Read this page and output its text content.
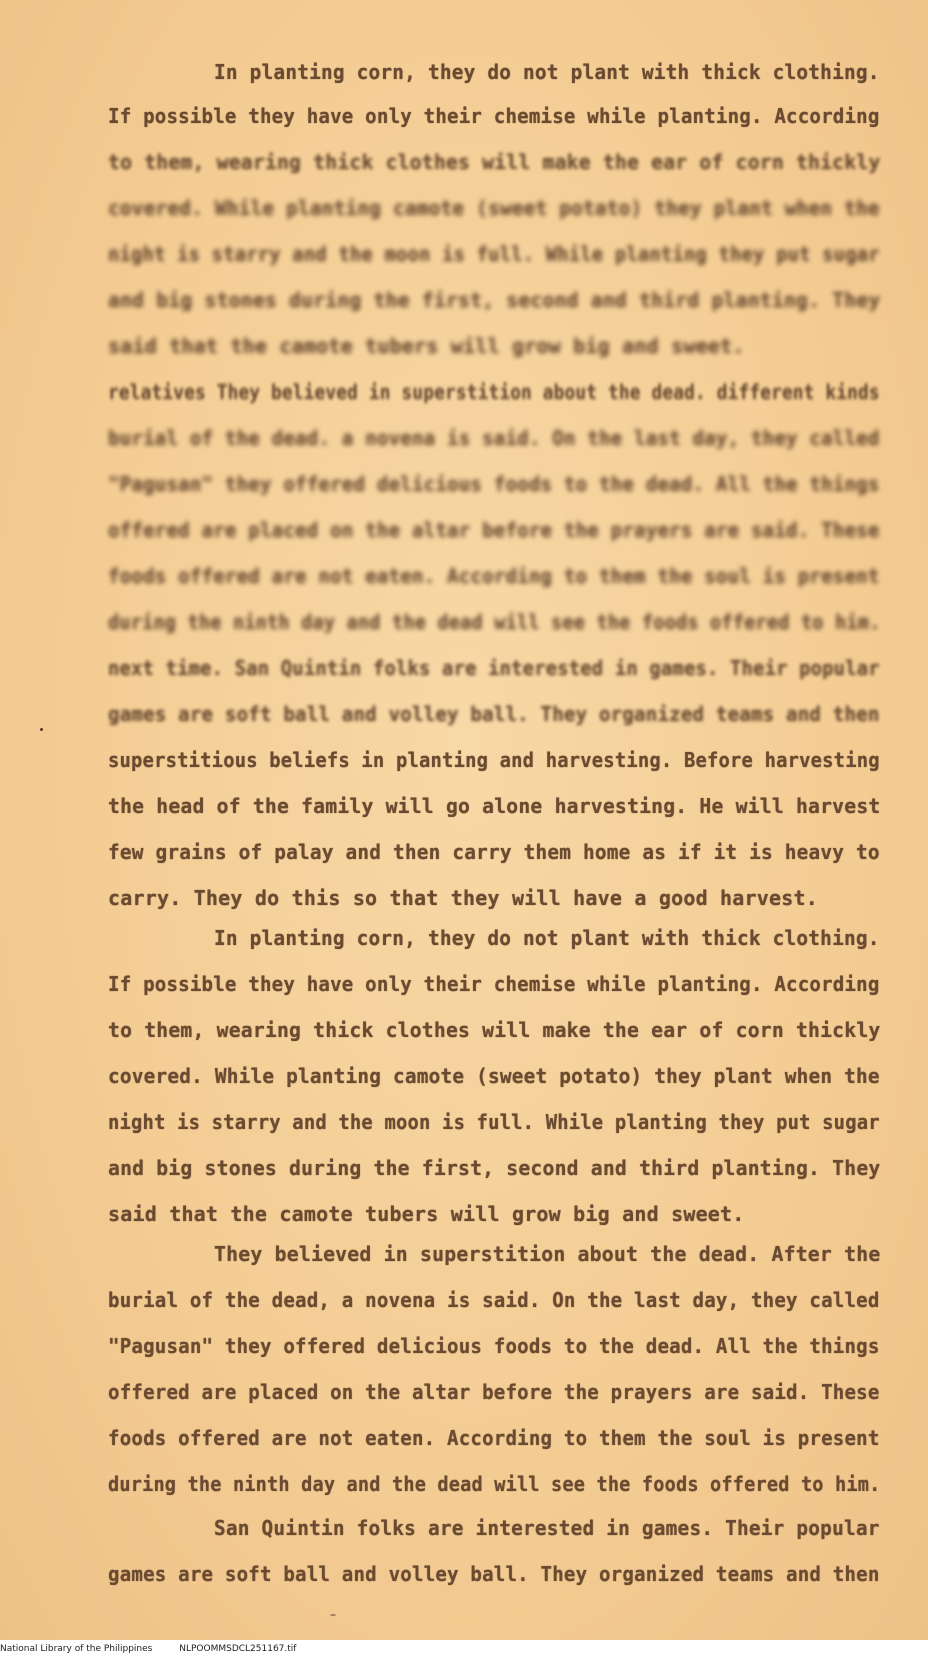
In planting corn, they do not plant with thick clothing.
If possible they have only their chemise while planting. According
to them, wearing thick clothes will make the ear of corn thickly
covered. While planting camote (sweet potato) they plant when the
night is starry and the moon is full. While planting they put sugar
and big stones during the first, second and third planting. They
said that the camote tubers will grow big and sweet.
relatives They believed in superstition about the dead. different kinds
burial of the dead. a novena is said. On the last day, they called
"Pagusan" they offered delicious foods to the dead. All the things
offered are placed on the altar before the prayers are said. These
foods offered are not eaten. According to them the soul is present
during the ninth day and the dead will see the foods offered to him.
next time. San Quintin folks are interested in games. Their popular
games are soft ball and volley ball. They organized teams and then
superstitious beliefs in planting and harvesting. Before harvesting
the head of the family will go alone harvesting. He will harvest
few grains of palay and then carry them home as if it is heavy to
carry. They do this so that they will have a good harvest.
In planting corn, they do not plant with thick clothing.
If possible they have only their chemise while planting. According
to them, wearing thick clothes will make the ear of corn thickly
covered. While planting camote (sweet potato) they plant when the
night is starry and the moon is full. While planting they put sugar
and big stones during the first, second and third planting. They
said that the camote tubers will grow big and sweet.
They believed in superstition about the dead. After the
burial of the dead, a novena is said. On the last day, they called
"Pagusan" they offered delicious foods to the dead. All the things
offered are placed on the altar before the prayers are said. These
foods offered are not eaten. According to them the soul is present
during the ninth day and the dead will see the foods offered to him.
San Quintin folks are interested in games. Their popular
games are soft ball and volley ball. They organized teams and then
National Library of the Philippines	NLPOOMMSDCL251167.tif
